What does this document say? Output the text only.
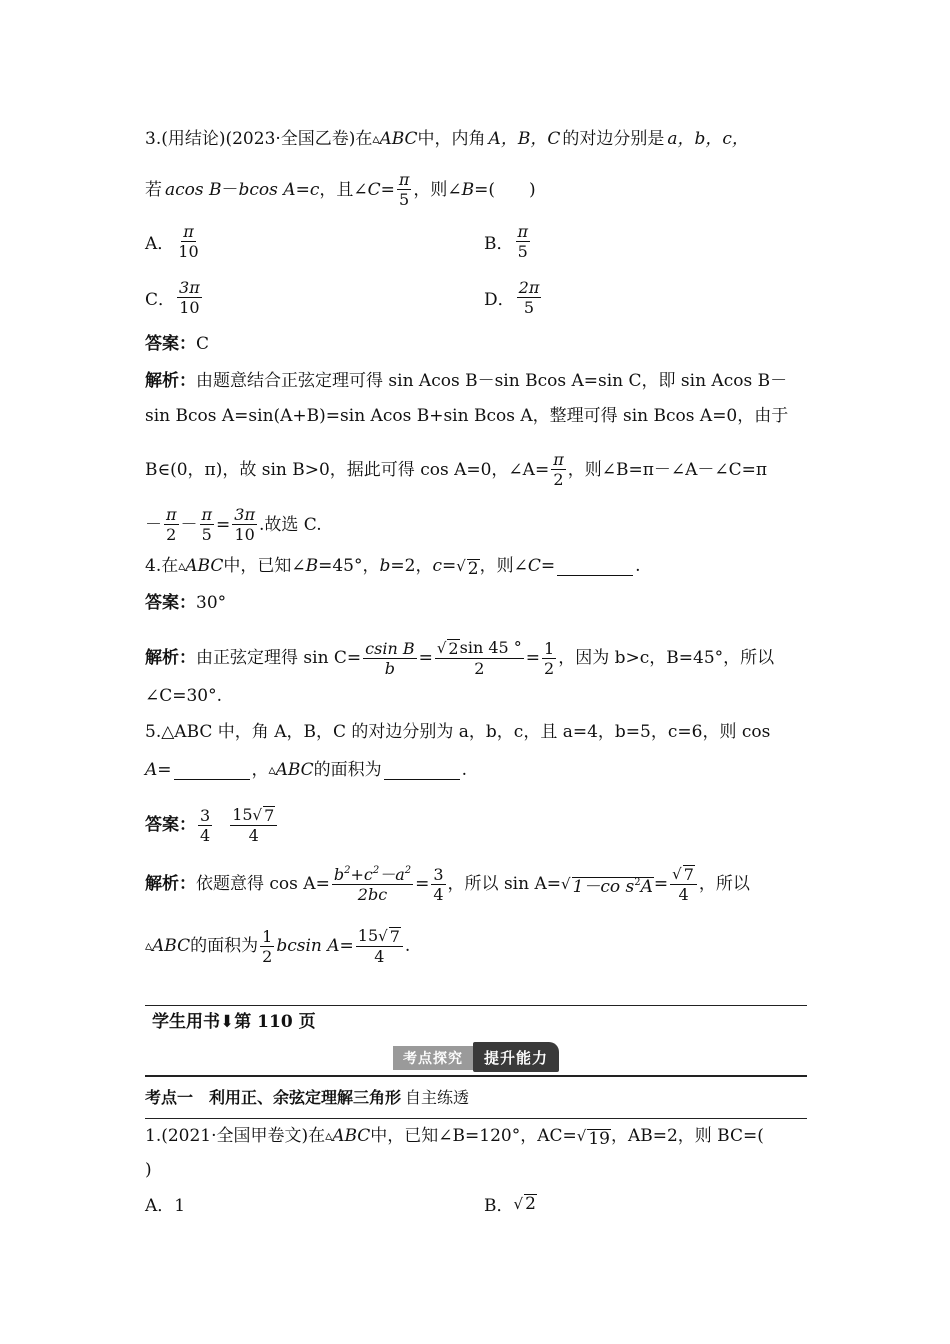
3.(用结论)(2023·全国乙卷)在 ▵ ABC 中，内角 A，B，C 的对边分别是 a，b，c，
若 acos B － bcos A = c ，且∠ $C = \frac{\pi}{5}$ ，则∠ B =(　　)
A． $\frac{\pi}{10}$	B． $\frac{\pi}{5}$
C． $\frac{3\pi}{10}$	D． $\frac{2\pi}{5}$
答案： C
解析： 由题意结合正弦定理可得 sin Acos B－sin Bcos A=sin C，即 sin Acos B－
sin Bcos A=sin(A+B)=sin Acos B+sin Bcos A，整理可得 sin Bcos A=0，由于
B∈(0，π)，故 sin B>0，据此可得 cos A=0，∠A= $\frac{\pi}{2}$ ，则∠B=π－∠A－∠C=π
－ $\frac{\pi}{2} - \frac{\pi}{5} = \frac{3\pi}{10}$ .故选 C.
4.在 ▵ ABC 中，已知∠ B =45°， b =2， c = √ 2 ，则∠ C =	.
答案： 30°
解析： 由正弦定理得 $\sin C= \frac{\text{csin B}}{b} = \frac{√ 2 \sin 45 ^\circ}{2} = \frac{1}{2}$ ，因为 b>c，B=45°，所以
∠C=30°.
5.△ABC 中，角 A，B，C 的对边分别为 a，b，c，且 a=4，b=5，c=6，则 cos
A=	， ▵ ABC 的面积为	.
答案： $\frac{3}{4} \frac{15 √ 7}{4}$
解析： 依题意得 $\cos A= \frac{b^2+c^2-a^2}{2bc} = \frac{3}{4}$ ，所以 sin A= √ 1－co $s^2A = \frac{√ 7}{4}$ ，所以
▵ ABC 的面积为 $\frac{1}{2}$ bcsin $A= \frac{15 √ 7}{4}$ .
学生用书⬇第 110 页
考点探究	提升能力
考点一　利用正、余弦定理解三角形 自主练透
1.(2021·全国甲卷文)在 ▵ ABC 中，已知∠B=120°，AC= √ 19 ，AB=2，则 BC=(
)
A．1	B． √ 2
